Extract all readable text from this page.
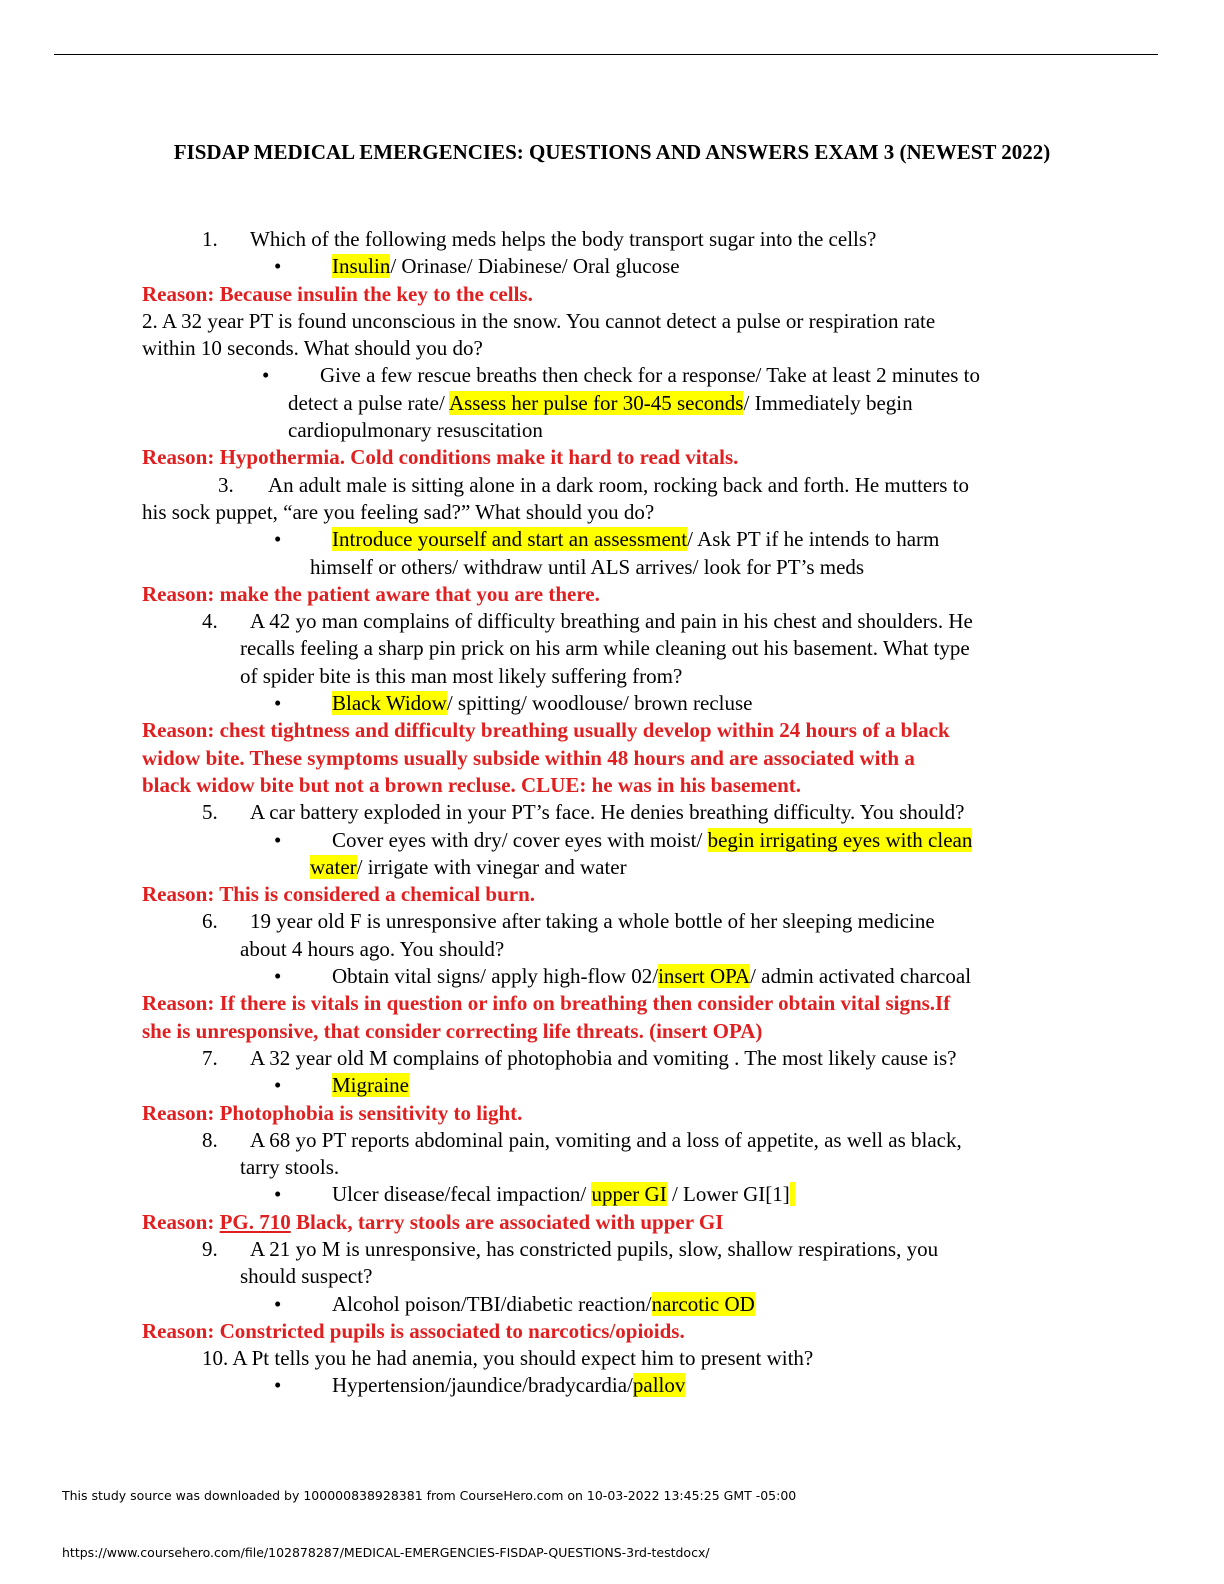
FISDAP MEDICAL EMERGENCIES: QUESTIONS AND ANSWERS EXAM 3 (NEWEST 2022)
1. Which of the following meds helps the body transport sugar into the cells?
• Insulin/ Orinase/ Diabinese/ Oral glucose
Reason: Because insulin the key to the cells.
2. A 32 year PT is found unconscious in the snow. You cannot detect a pulse or respiration rate
within 10 seconds. What should you do?
• Give a few rescue breaths then check for a response/ Take at least 2 minutes to
detect a pulse rate/ Assess her pulse for 30-45 seconds/ Immediately begin
cardiopulmonary resuscitation
Reason: Hypothermia. Cold conditions make it hard to read vitals.
3. An adult male is sitting alone in a dark room, rocking back and forth. He mutters to
his sock puppet, “are you feeling sad?” What should you do?
• Introduce yourself and start an assessment/ Ask PT if he intends to harm
himself or others/ withdraw until ALS arrives/ look for PT’s meds
Reason: make the patient aware that you are there.
4. A 42 yo man complains of difficulty breathing and pain in his chest and shoulders. He
recalls feeling a sharp pin prick on his arm while cleaning out his basement. What type
of spider bite is this man most likely suffering from?
• Black Widow/ spitting/ woodlouse/ brown recluse
Reason: chest tightness and difficulty breathing usually develop within 24 hours of a black
widow bite. These symptoms usually subside within 48 hours and are associated with a
black widow bite but not a brown recluse. CLUE: he was in his basement.
5. A car battery exploded in your PT’s face. He denies breathing difficulty. You should?
• Cover eyes with dry/ cover eyes with moist/ begin irrigating eyes with clean
water/ irrigate with vinegar and water
Reason: This is considered a chemical burn.
6. 19 year old F is unresponsive after taking a whole bottle of her sleeping medicine
about 4 hours ago. You should?
• Obtain vital signs/ apply high-flow 02/insert OPA/ admin activated charcoal
Reason: If there is vitals in question or info on breathing then consider obtain vital signs.If
she is unresponsive, that consider correcting life threats. (insert OPA)
7. A 32 year old M complains of photophobia and vomiting . The most likely cause is?
• Migraine
Reason: Photophobia is sensitivity to light.
8. A 68 yo PT reports abdominal pain, vomiting and a loss of appetite, as well as black,
tarry stools.
• Ulcer disease/fecal impaction/ upper GI / Lower GI[1]
Reason: PG. 710 Black, tarry stools are associated with upper GI
9. A 21 yo M is unresponsive, has constricted pupils, slow, shallow respirations, you
should suspect?
• Alcohol poison/TBI/diabetic reaction/narcotic OD
Reason: Constricted pupils is associated to narcotics/opioids.
10. A Pt tells you he had anemia, you should expect him to present with?
• Hypertension/jaundice/bradycardia/pallov
This study source was downloaded by 100000838928381 from CourseHero.com on 10-03-2022 13:45:25 GMT -05:00
https://www.coursehero.com/file/102878287/MEDICAL-EMERGENCIES-FISDAP-QUESTIONS-3rd-testdocx/
